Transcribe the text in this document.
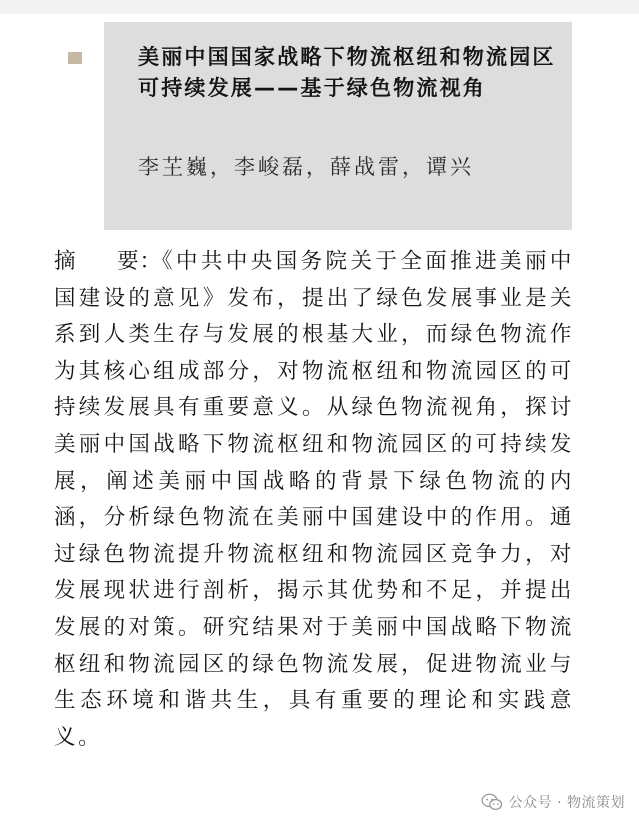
美丽中国国家战略下物流枢纽和物流园区可持续发展——基于绿色物流视角
李芏巍，李峻磊，薛战雷，谭兴
摘 要：《中共中央国务院关于全面推进美丽中国建设的意见》发布，提出了绿色发展事业是关系到人类生存与发展的根基大业，而绿色物流作为其核心组成部分，对物流枢纽和物流园区的可持续发展具有重要意义。从绿色物流视角，探讨美丽中国战略下物流枢纽和物流园区的可持续发展，阐述美丽中国战略的背景下绿色物流的内涵，分析绿色物流在美丽中国建设中的作用。通过绿色物流提升物流枢纽和物流园区竞争力，对发展现状进行剖析，揭示其优势和不足，并提出发展的对策。研究结果对于美丽中国战略下物流枢纽和物流园区的绿色物流发展，促进物流业与生态环境和谐共生，具有重要的理论和实践意义。
公众号 · 物流策划
